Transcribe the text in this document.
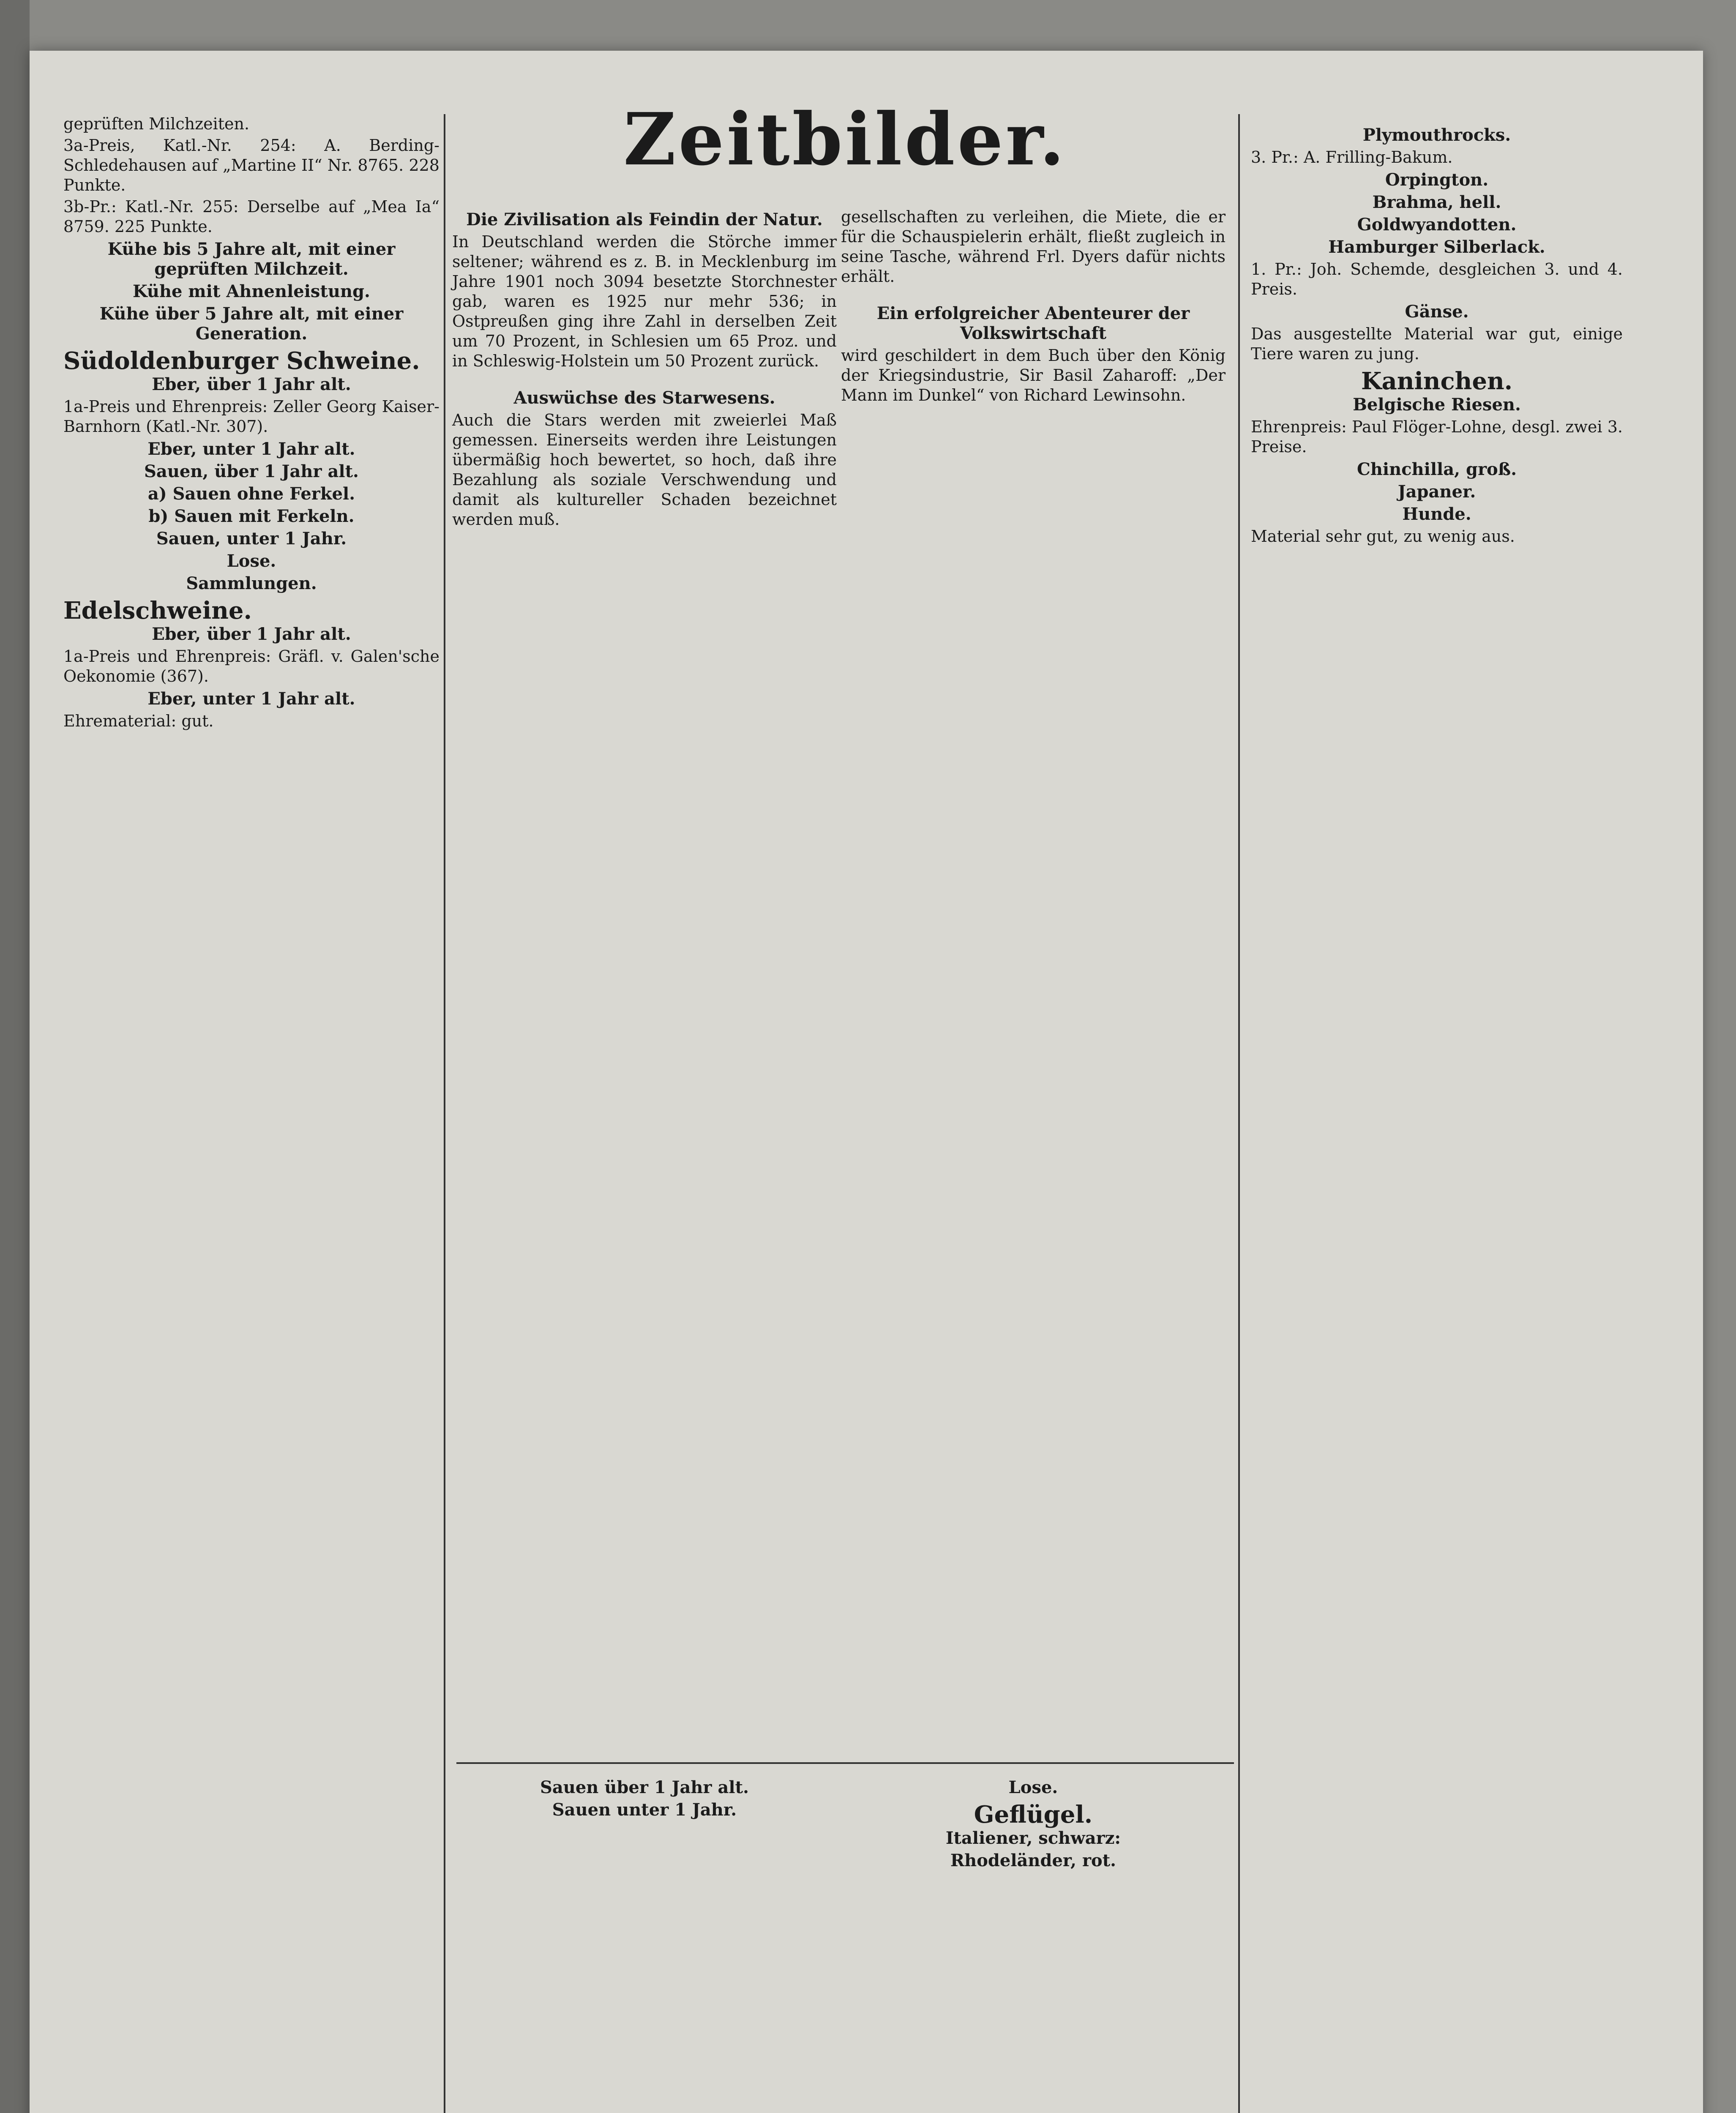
Zeitbilder.

geprüften Milchzeiten.

3a-Preis, Katl.-Nr. 254: A. Berding-Schledehausen auf „Martine II“ Nr. 8765. 228 Punkte.

3b-Pr.: Katl.-Nr. 255: Derselbe auf „Mea Ia“ 8759. 225 Punkte.

Kühe bis 5 Jahre alt, mit einer geprüften Milchzeit.
Kühe mit Ahnenleistung.
Kühe über 5 Jahre alt, mit einer Generation.
Südoldenburger Schweine.
Eber, über 1 Jahr alt.

1a-Preis und Ehrenpreis: Zeller Georg Kaiser-Barnhorn (Katl.-Nr. 307).

Eber, unter 1 Jahr alt.
Sauen, über 1 Jahr alt.
a) Sauen ohne Ferkel.
b) Sauen mit Ferkeln.
Sauen, unter 1 Jahr.
Lose.
Sammlungen.
Edelschweine.
Eber, über 1 Jahr alt.

1a-Preis und Ehrenpreis: Gräfl. v. Galen'sche Oekonomie (367).

Eber, unter 1 Jahr alt.

Ehrematerial: gut.

Die Zivilisation als Feindin der Natur.

In Deutschland werden die Störche immer seltener; während es z. B. in Mecklenburg im Jahre 1901 noch 3094 besetzte Storchnester gab, waren es 1925 nur mehr 536; in Ostpreußen ging ihre Zahl in derselben Zeit um 70 Prozent, in Schlesien um 65 Proz. und in Schleswig-Holstein um 50 Prozent zurück.

Auswüchse des Starwesens.

Auch die Stars werden mit zweierlei Maß gemessen. Einerseits werden ihre Leistungen übermäßig hoch bewertet, so hoch, daß ihre Bezahlung als soziale Verschwendung und damit als kultureller Schaden bezeichnet werden muß.

gesellschaften zu verleihen, die Miete, die er für die Schauspielerin erhält, fließt zugleich in seine Tasche, während Frl. Dyers dafür nichts erhält.

Ein erfolgreicher Abenteurer der Volkswirtschaft

wird geschildert in dem Buch über den König der Kriegsindustrie, Sir Basil Zaharoff: „Der Mann im Dunkel“ von Richard Lewinsohn.

Sauen über 1 Jahr alt.
Sauen unter 1 Jahr.
Lose.
Geflügel.
Italiener, schwarz:
Rhodeländer, rot.
Plymouthrocks.

3. Pr.: A. Frilling-Bakum.

Orpington.
Brahma, hell.
Goldwyandotten.
Hamburger Silberlack.

1. Pr.: Joh. Schemde, desgleichen 3. und 4. Preis.

Gänse.

Das ausgestellte Material war gut, einige Tiere waren zu jung.

Kaninchen.
Belgische Riesen.

Ehrenpreis: Paul Flöger-Lohne, desgl. zwei 3. Preise.

Chinchilla, groß.
Japaner.
Hunde.

Material sehr gut, zu wenig aus.
